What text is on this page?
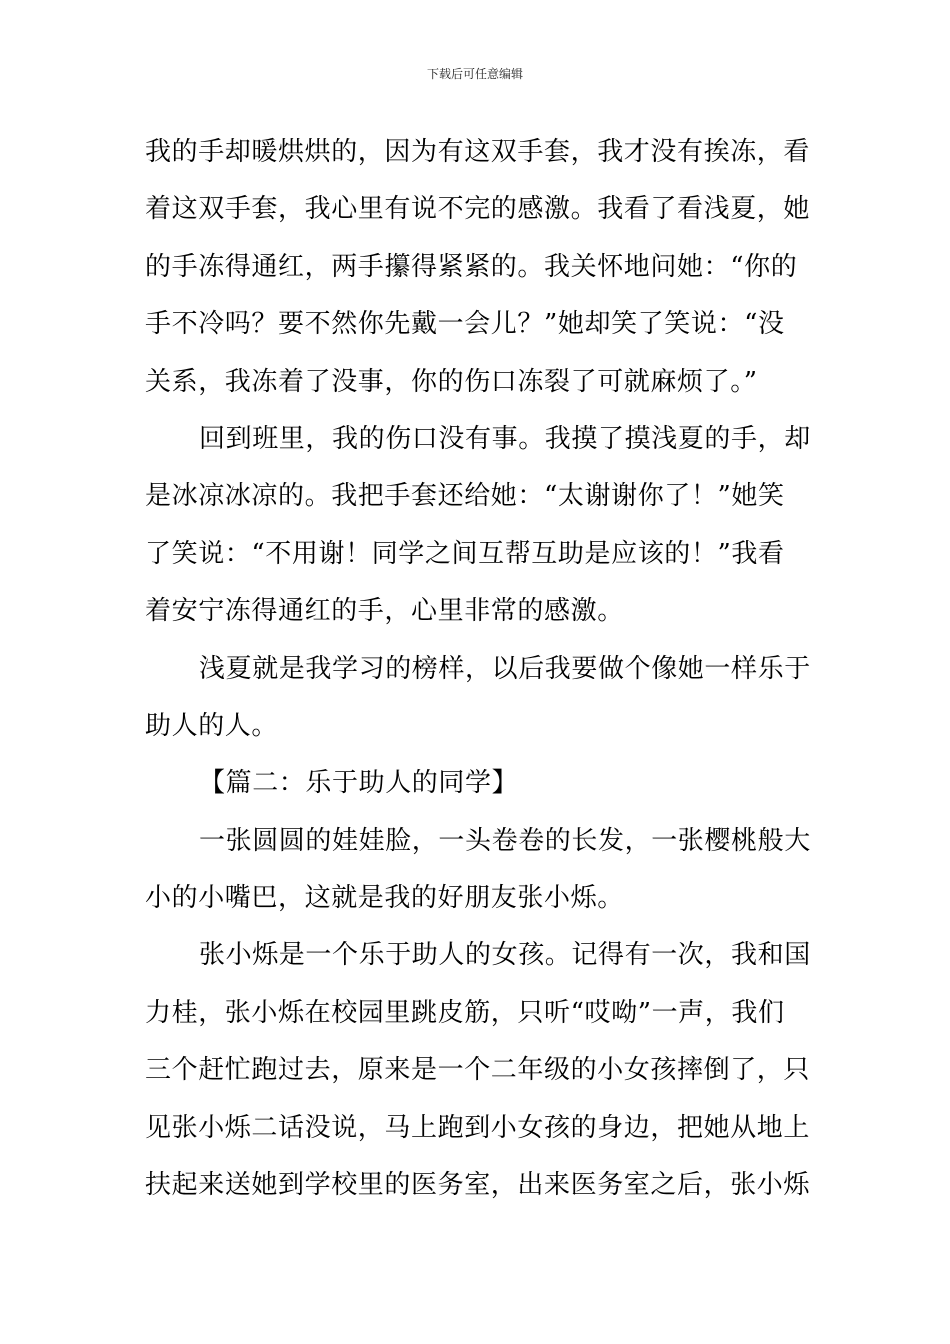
下载后可任意编辑
我的手却暖烘烘的，因为有这双手套，我才没有挨冻，看
着这双手套，我心里有说不完的感激。我看了看浅夏，她
的手冻得通红，两手攥得紧紧的。我关怀地问她：“你的
手不冷吗？要不然你先戴一会儿？”她却笑了笑说：“没
关系，我冻着了没事，你的伤口冻裂了可就麻烦了。”
回到班里，我的伤口没有事。我摸了摸浅夏的手，却
是冰凉冰凉的。我把手套还给她：“太谢谢你了！”她笑
了笑说：“不用谢！同学之间互帮互助是应该的！”我看
着安宁冻得通红的手，心里非常的感激。
浅夏就是我学习的榜样，以后我要做个像她一样乐于
助人的人。
【篇二：乐于助人的同学】
一张圆圆的娃娃脸，一头卷卷的长发，一张樱桃般大
小的小嘴巴，这就是我的好朋友张小烁。
张小烁是一个乐于助人的女孩。记得有一次，我和国
力桂，张小烁在校园里跳皮筋，只听“哎呦”一声，我们
三个赶忙跑过去，原来是一个二年级的小女孩摔倒了，只
见张小烁二话没说，马上跑到小女孩的身边，把她从地上
扶起来送她到学校里的医务室，出来医务室之后，张小烁
